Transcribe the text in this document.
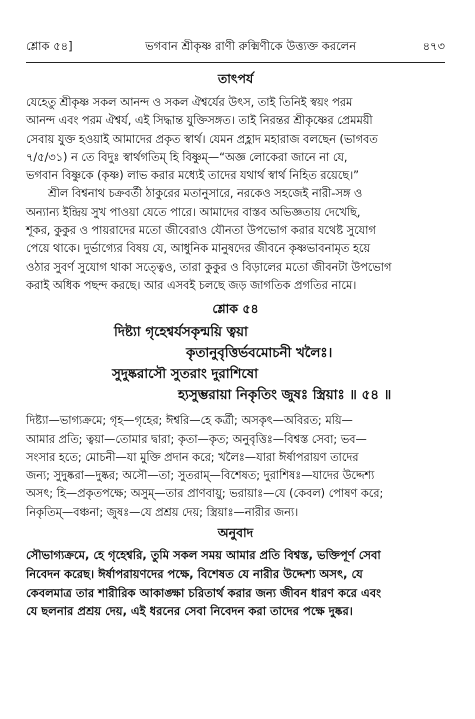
শ্লোক ৫৪]	ভগবান শ্রীকৃষ্ণ রাণী রুক্মিণীকে উত্ত্যক্ত করলেন	৪৭৩
তাৎপর্য

যেহেতু শ্রীকৃষ্ণ সকল আনন্দ ও সকল ঐশ্বর্যের উৎস, তাই তিনিই স্বয়ং পরম
আনন্দ এবং পরম ঐশ্বর্য, এই সিদ্ধান্ত যুক্তিসঙ্গত। তাই নিরন্তর শ্রীকৃষ্ণের প্রেমময়ী
সেবায় যুক্ত হওয়াই আমাদের প্রকৃত স্বার্থ। যেমন প্রহ্লাদ মহারাজ বলছেন (ভাগবত
৭/৫/৩১) ন তে বিদুঃ স্বার্থগতিম্ হি বিষ্ণুম্—“অজ্ঞ লোকেরা জানে না যে,
ভগবান বিষ্ণুকে (কৃষ্ণ) লাভ করার মধ্যেই তাদের যথার্থ স্বার্থ নিহিত রয়েছে।”

শ্রীল বিশ্বনাথ চক্রবর্তী ঠাকুরের মতানুসারে, নরকেও সহজেই নারী-সঙ্গ ও
অন্যান্য ইন্দ্রিয় সুখ পাওয়া যেতে পারে। আমাদের বাস্তব অভিজ্ঞতায় দেখেছি,
শূকর, কুকুর ও পায়রাদের মতো জীবেরাও যৌনতা উপভোগ করার যথেষ্ট সুযোগ
পেয়ে থাকে। দুর্ভাগ্যের বিষয় যে, আধুনিক মানুষদের জীবনে কৃষ্ণভাবনামৃত হয়ে
ওঠার সুবর্ণ সুযোগ থাকা সত্ত্বেও, তারা কুকুর ও বিড়ালের মতো জীবনটা উপভোগ
করাই অধিক পছন্দ করছে। আর এসবই চলছে জড় জাগতিক প্রগতির নামে।

শ্লোক ৫৪
দিষ্ট্যা গৃহেশ্বর্যসকৃন্ময়ি ত্বয়া
কৃতানুবৃত্তির্ভবমোচনী খলৈঃ।
সুদুষ্করাসৌ সুতরাং দুরাশিষো
হ্যসুম্ভরায়া নিকৃতিং জুষঃ স্ত্রিয়াঃ ॥ ৫৪ ॥

দিষ্ট্যা—ভাগ্যক্রমে; গৃহ—গৃহের; ঈশ্বরি—হে কর্ত্রী; অসকৃৎ—অবিরত; ময়ি—
আমার প্রতি; ত্বয়া—তোমার দ্বারা; কৃতা—কৃত; অনুবৃত্তিঃ—বিশ্বস্ত সেবা; ভব—
সংসার হতে; মোচনী—যা মুক্তি প্রদান করে; খলৈঃ—যারা ঈর্ষাপরায়ণ তাদের
জন্য; সুদুষ্করা—দুষ্কর; অসৌ—তা; সুতরাম্—বিশেষত; দুরাশিষঃ—যাদের উদ্দেশ্য
অসৎ; হি—প্রকৃতপক্ষে; অসুম্—তার প্রাণবায়ু; ভরায়াঃ—যে (কেবল) পোষণ করে;
নিকৃতিম্—বঞ্চনা; জুষঃ—যে প্রশ্রয় দেয়; স্ত্রিয়াঃ—নারীর জন্য।

অনুবাদ

সৌভাগ্যক্রমে, হে গৃহেশ্বরি, তুমি সকল সময় আমার প্রতি বিশ্বস্ত, ভক্তিপূর্ণ সেবা
নিবেদন করেছ। ঈর্ষাপরায়ণদের পক্ষে, বিশেষত যে নারীর উদ্দেশ্য অসৎ, যে
কেবলমাত্র তার শারীরিক আকাঙ্ক্ষা চরিতার্থ করার জন্য জীবন ধারণ করে এবং
যে ছলনার প্রশ্রয় দেয়, এই ধরনের সেবা নিবেদন করা তাদের পক্ষে দুষ্কর।
